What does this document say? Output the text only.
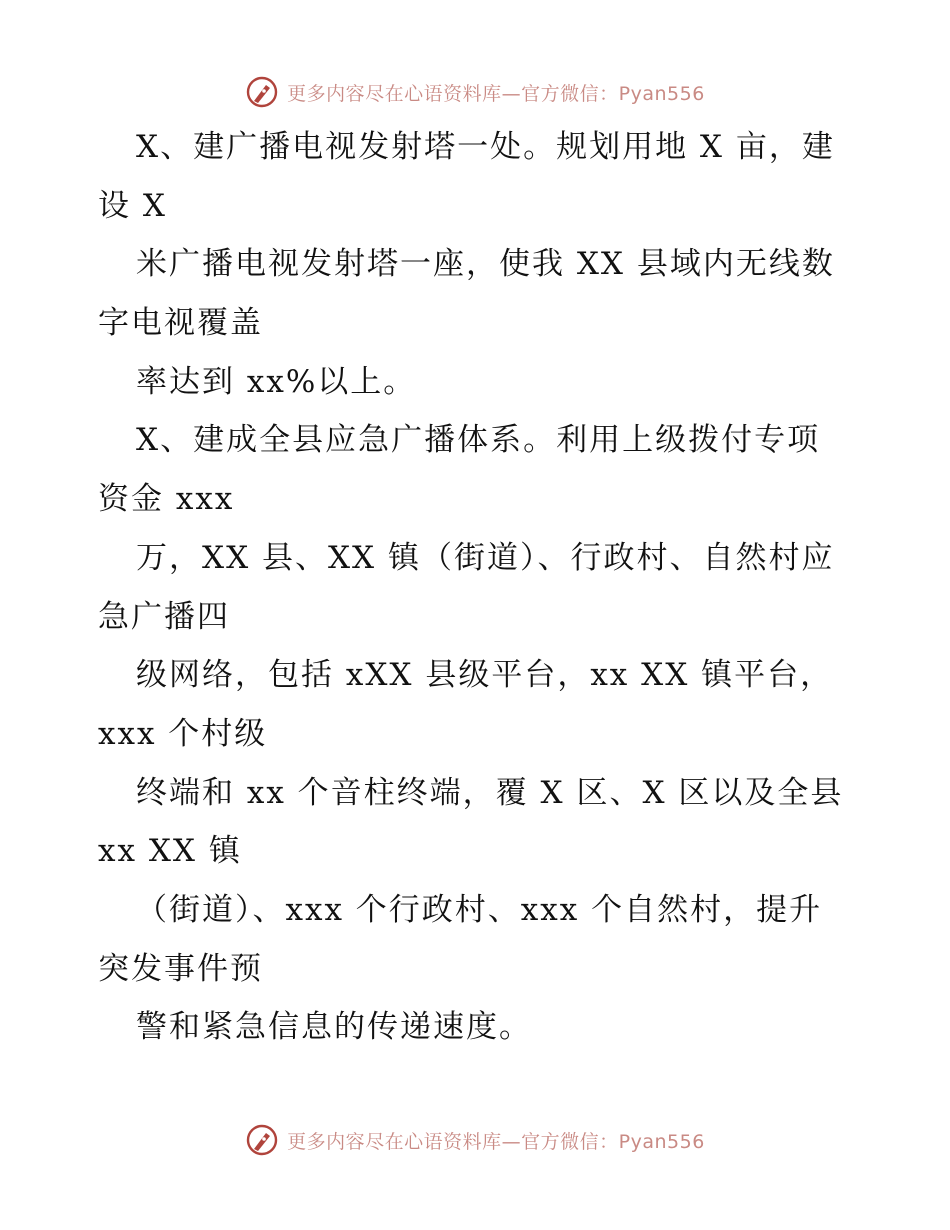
更多内容尽在心语资料库—官方微信：Pyan556
X、建广播电视发射塔一处。规划用地 X 亩，建
设 X
米广播电视发射塔一座，使我 XX 县域内无线数
字电视覆盖
率达到 xx%以上。
X、建成全县应急广播体系。利用上级拨付专项
资金 xxx
万，XX 县、XX 镇（街道）、行政村、自然村应
急广播四
级网络，包括 xXX 县级平台，xx XX 镇平台，
xxx 个村级
终端和 xx 个音柱终端，覆 X 区、X 区以及全县
xx XX 镇
（街道）、xxx 个行政村、xxx 个自然村，提升
突发事件预
警和紧急信息的传递速度。
更多内容尽在心语资料库—官方微信：Pyan556
